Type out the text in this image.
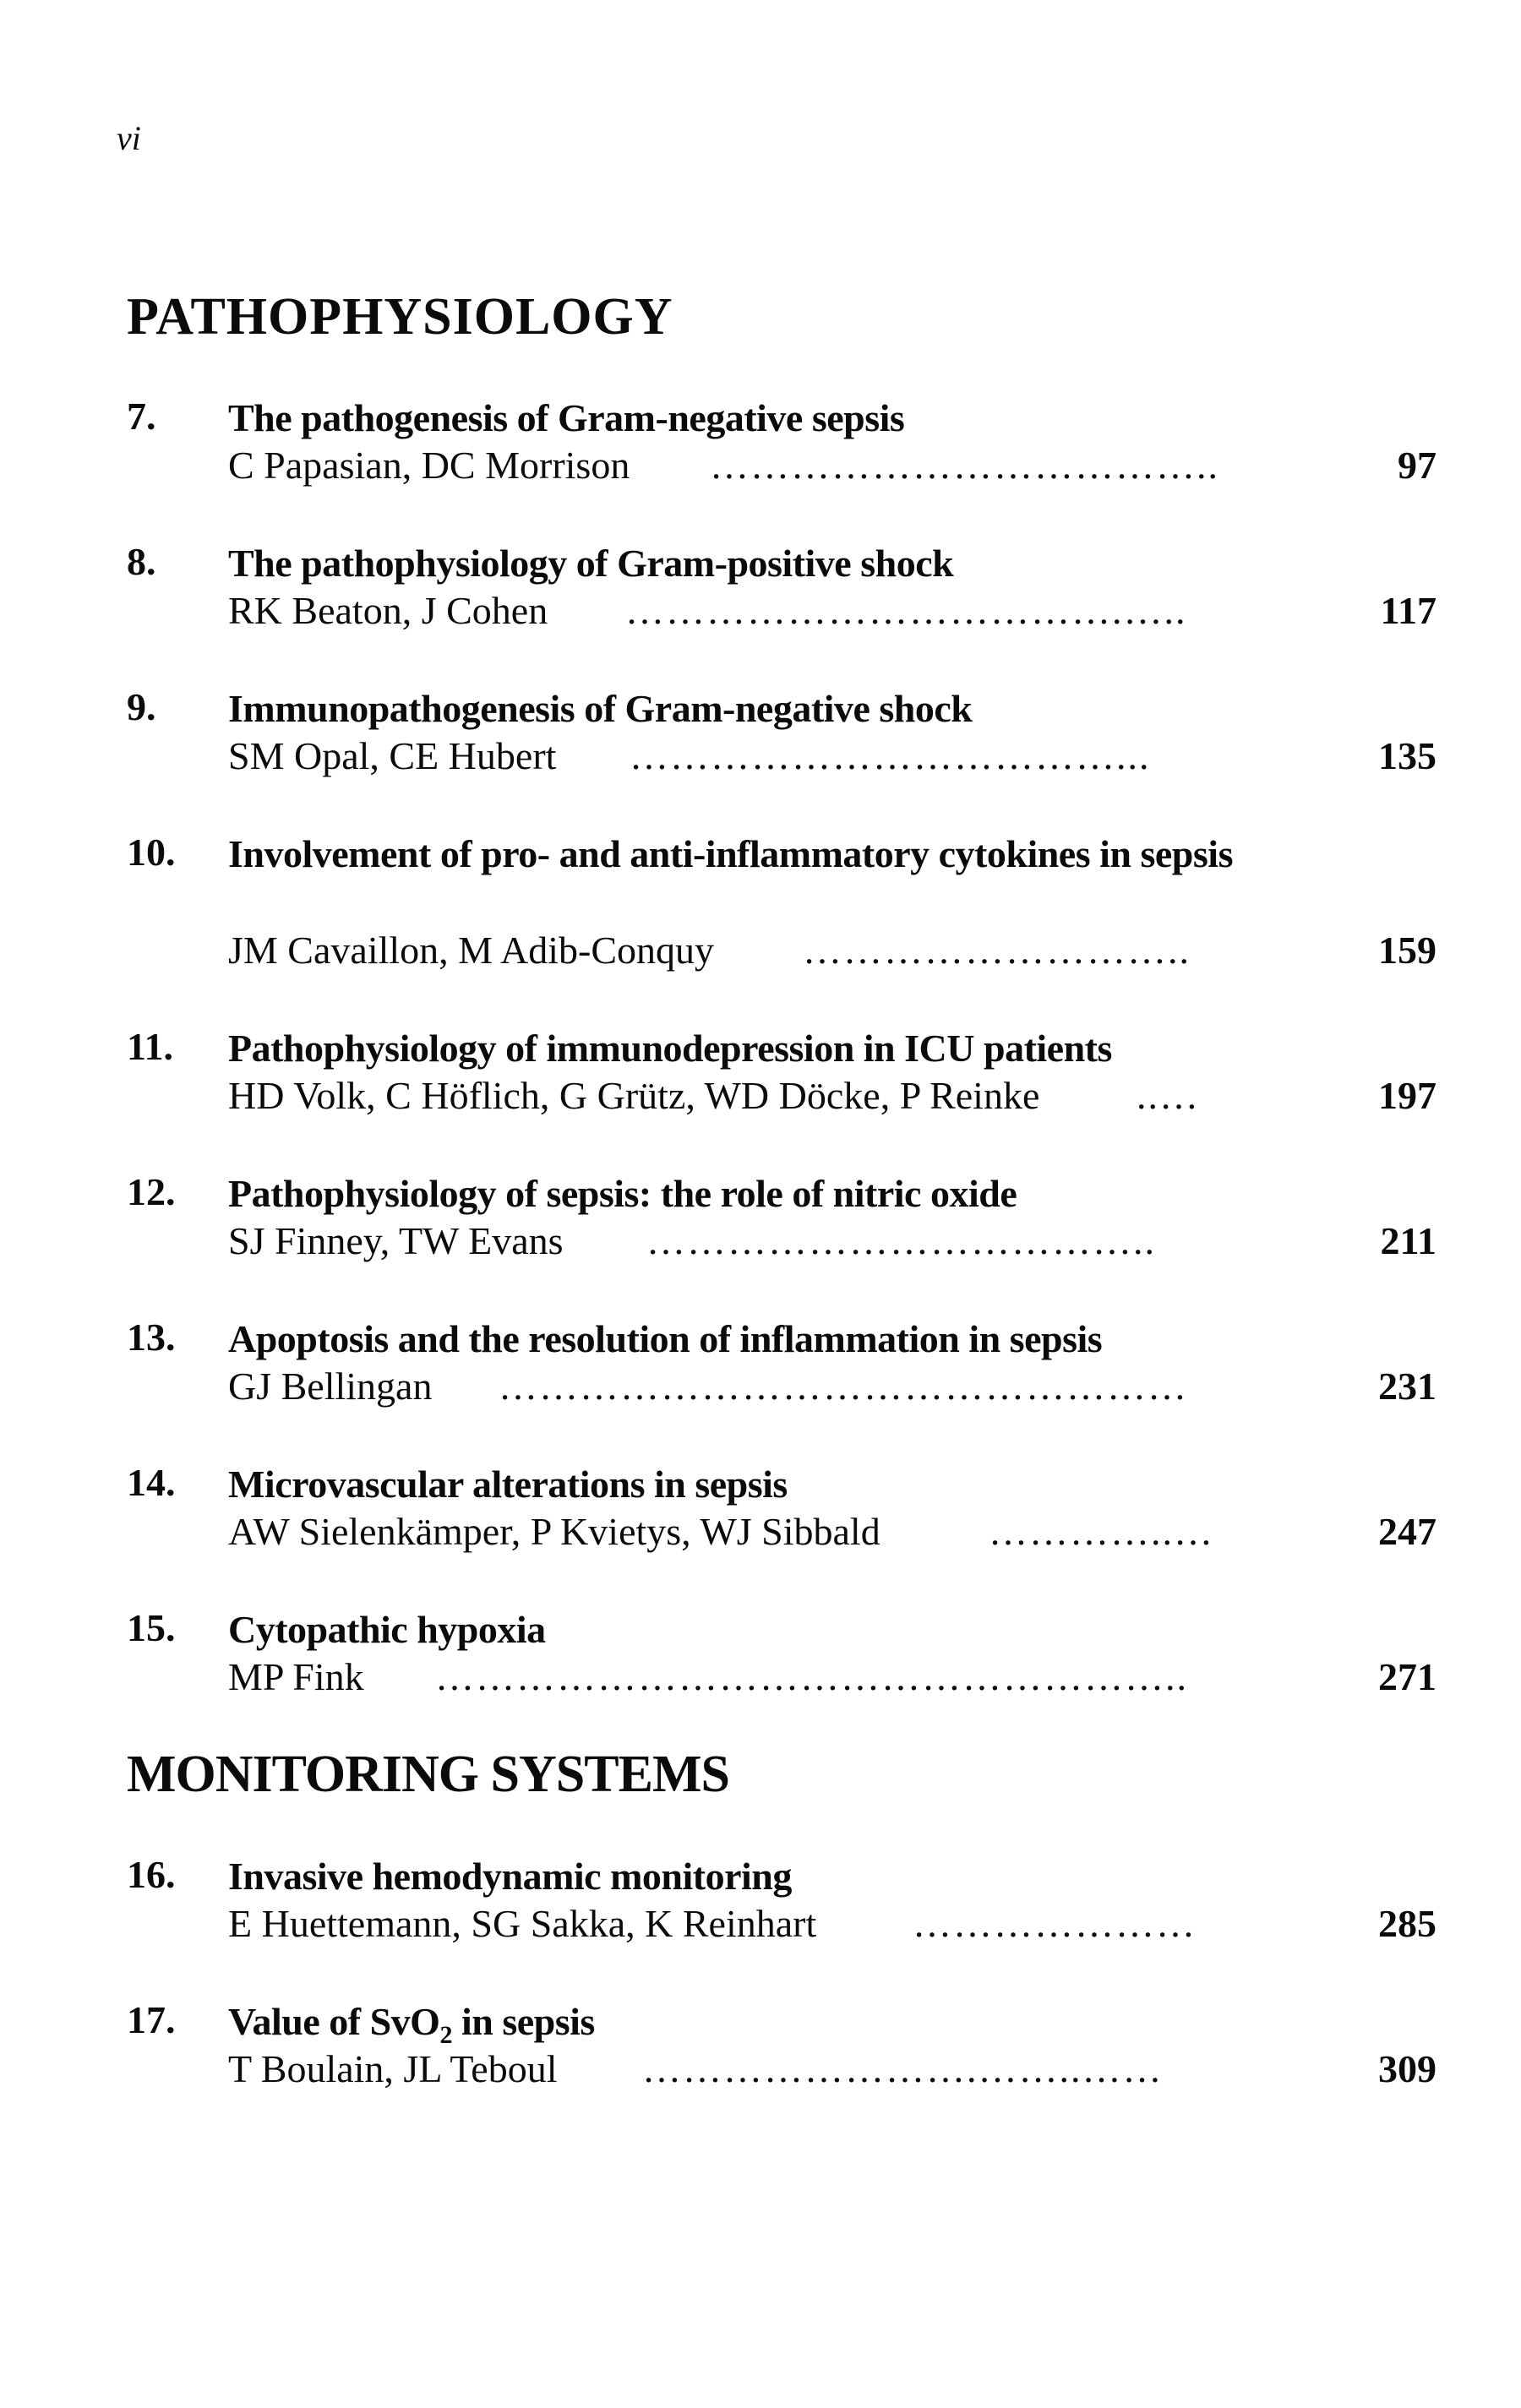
vi
PATHOPHYSIOLOGY
7. The pathogenesis of Gram-negative sepsis
C Papasian, DC Morrison ………………………………..	97
8. The pathophysiology of Gram-positive shock
RK Beaton, J Cohen ……………………………….…..	117
9. Immunopathogenesis of Gram-negative shock
SM Opal, CE Hubert ………………………………...	135
10. Involvement of pro- and anti-inflammatory cytokines in sepsis
JM Cavaillon, M Adib-Conquy ………………………..	159
11. Pathophysiology of immunodepression in ICU patients
HD Volk, C Höflich, G Grütz, WD Döcke, P Reinke ..…	197
12. Pathophysiology of sepsis: the role of nitric oxide
SJ Finney, TW Evans ………………………………..	211
13. Apoptosis and the resolution of inflammation in sepsis
GJ Bellingan ……………………………………………	231
14. Microvascular alterations in sepsis
AW Sielenkämper, P Kvietys, WJ Sibbald	…………..…	247
15. Cytopathic hypoxia
MP Fink ………………………………………………..	271
MONITORING SYSTEMS
16. Invasive hemodynamic monitoring
E Huettemann, SG Sakka, K Reinhart …………………	285
17. Value of SvO$_2$ in sepsis
T Boulain, JL Teboul …………………….……..……	309
